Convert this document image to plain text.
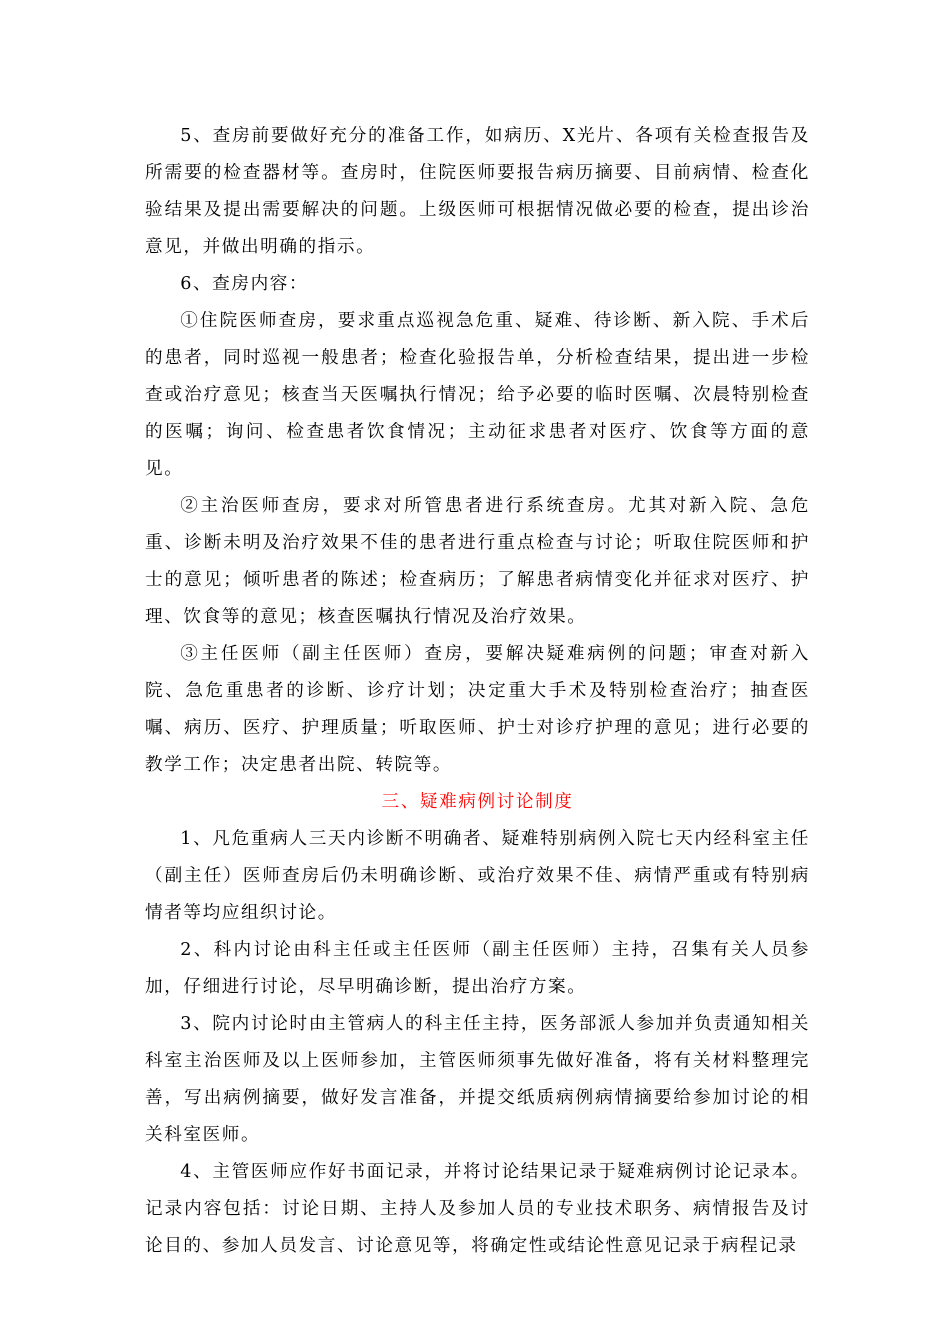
5、查房前要做好充分的准备工作，如病历、X光片、各项有关检查报告及所需要的检查器材等。查房时，住院医师要报告病历摘要、目前病情、检查化验结果及提出需要解决的问题。上级医师可根据情况做必要的检查，提出诊治意见，并做出明确的指示。

6、查房内容：

①住院医师查房，要求重点巡视急危重、疑难、待诊断、新入院、手术后的患者，同时巡视一般患者；检查化验报告单，分析检查结果，提出进一步检查或治疗意见；核查当天医嘱执行情况；给予必要的临时医嘱、次晨特别检查的医嘱；询问、检查患者饮食情况；主动征求患者对医疗、饮食等方面的意见。

②主治医师查房，要求对所管患者进行系统查房。尤其对新入院、急危重、诊断未明及治疗效果不佳的患者进行重点检查与讨论；听取住院医师和护士的意见；倾听患者的陈述；检查病历；了解患者病情变化并征求对医疗、护理、饮食等的意见；核查医嘱执行情况及治疗效果。

③主任医师（副主任医师）查房，要解决疑难病例的问题；审查对新入院、急危重患者的诊断、诊疗计划；决定重大手术及特别检查治疗；抽查医嘱、病历、医疗、护理质量；听取医师、护士对诊疗护理的意见；进行必要的教学工作；决定患者出院、转院等。

三、疑难病例讨论制度

1、凡危重病人三天内诊断不明确者、疑难特别病例入院七天内经科室主任（副主任）医师查房后仍未明确诊断、或治疗效果不佳、病情严重或有特别病情者等均应组织讨论。

2、科内讨论由科主任或主任医师（副主任医师）主持，召集有关人员参加，仔细进行讨论，尽早明确诊断，提出治疗方案。

3、院内讨论时由主管病人的科主任主持，医务部派人参加并负责通知相关科室主治医师及以上医师参加，主管医师须事先做好准备，将有关材料整理完善，写出病例摘要，做好发言准备，并提交纸质病例病情摘要给参加讨论的相关科室医师。

4、主管医师应作好书面记录，并将讨论结果记录于疑难病例讨论记录本。记录内容包括：讨论日期、主持人及参加人员的专业技术职务、病情报告及讨论目的、参加人员发言、讨论意见等，将确定性或结论性意见记录于病程记录
